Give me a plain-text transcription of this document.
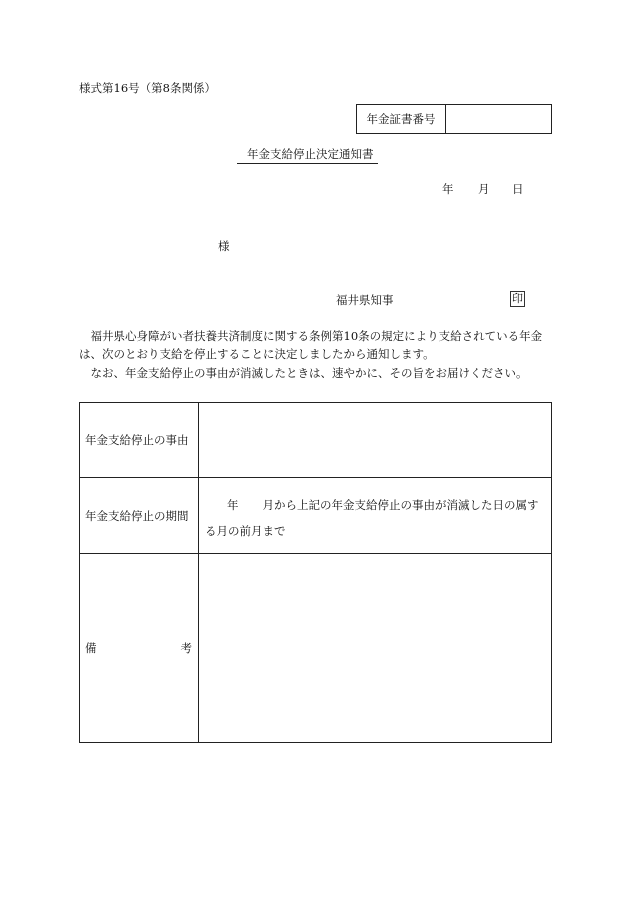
様式第16号（第8条関係）
年金証書番号
年金支給停止決定通知書
年 月 日
様
福井県知事	印
　福井県心身障がい者扶養共済制度に関する条例第10条の規定により支給されている年金は、次のとおり支給を停止することに決定しましたから通知します。
　なお、年金支給停止の事由が消滅したときは、速やかに、その旨をお届けください。
年金支給停止の事由	
年金支給停止の期間	年 月から上記の年金支給停止の事由が消滅した日の属する月の前月まで

備 考	
